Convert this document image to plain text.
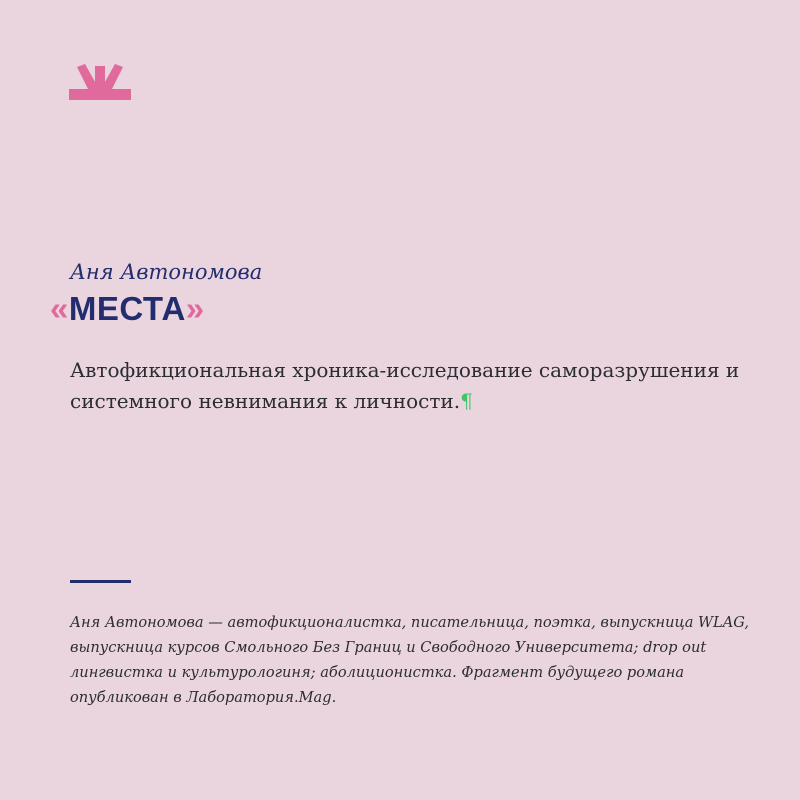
Аня Автономова
«МЕСТА»

Автофикциональная хроника-исследование саморазрушения и системного невнимания к личности.¶

Аня Автономова — автофикционалистка, писательница, поэтка, выпускница WLAG, выпускница курсов Смольного Без Границ и Свободного Университета; drop out лингвистка и культурологиня; аболиционистка. Фрагмент будущего романа опубликован в Лаборатория.Mag.
